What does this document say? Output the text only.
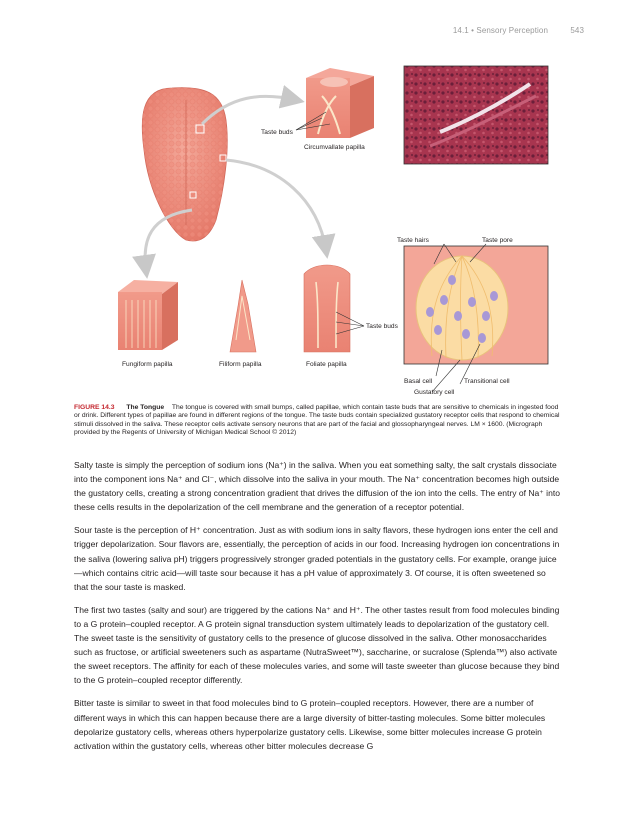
14.1 • Sensory Perception	543
Taste buds
Circumvallate papilla
Taste hairs	Taste pore
Taste buds
Fungiform papilla	Filiform papilla	Foliate papilla
Basal cell	Transitional cell
Gustatory cell
FIGURE 14.3 The Tongue The tongue is covered with small bumps, called papillae, which contain taste buds that are sensitive to chemicals in ingested food or drink. Different types of papillae are found in different regions of the tongue. The taste buds contain specialized gustatory receptor cells that respond to chemical stimuli dissolved in the saliva. These receptor cells activate sensory neurons that are part of the facial and glossopharyngeal nerves. LM × 1600. (Micrograph provided by the Regents of University of Michigan Medical School © 2012)

Salty taste is simply the perception of sodium ions (Na⁺) in the saliva. When you eat something salty, the salt crystals dissociate into the component ions Na⁺ and Cl⁻, which dissolve into the saliva in your mouth. The Na⁺ concentration becomes high outside the gustatory cells, creating a strong concentration gradient that drives the diffusion of the ion into the cells. The entry of Na⁺ into these cells results in the depolarization of the cell membrane and the generation of a receptor potential.

Sour taste is the perception of H⁺ concentration. Just as with sodium ions in salty flavors, these hydrogen ions enter the cell and trigger depolarization. Sour flavors are, essentially, the perception of acids in our food. Increasing hydrogen ion concentrations in the saliva (lowering saliva pH) triggers progressively stronger graded potentials in the gustatory cells. For example, orange juice—which contains citric acid—will taste sour because it has a pH value of approximately 3. Of course, it is often sweetened so that the sour taste is masked.

The first two tastes (salty and sour) are triggered by the cations Na⁺ and H⁺. The other tastes result from food molecules binding to a G protein–coupled receptor. A G protein signal transduction system ultimately leads to depolarization of the gustatory cell. The sweet taste is the sensitivity of gustatory cells to the presence of glucose dissolved in the saliva. Other monosaccharides such as fructose, or artificial sweeteners such as aspartame (NutraSweet™), saccharine, or sucralose (Splenda™) also activate the sweet receptors. The affinity for each of these molecules varies, and some will taste sweeter than glucose because they bind to the G protein–coupled receptor differently.

Bitter taste is similar to sweet in that food molecules bind to G protein–coupled receptors. However, there are a number of different ways in which this can happen because there are a large diversity of bitter-tasting molecules. Some bitter molecules depolarize gustatory cells, whereas others hyperpolarize gustatory cells. Likewise, some bitter molecules increase G protein activation within the gustatory cells, whereas other bitter molecules decrease G
